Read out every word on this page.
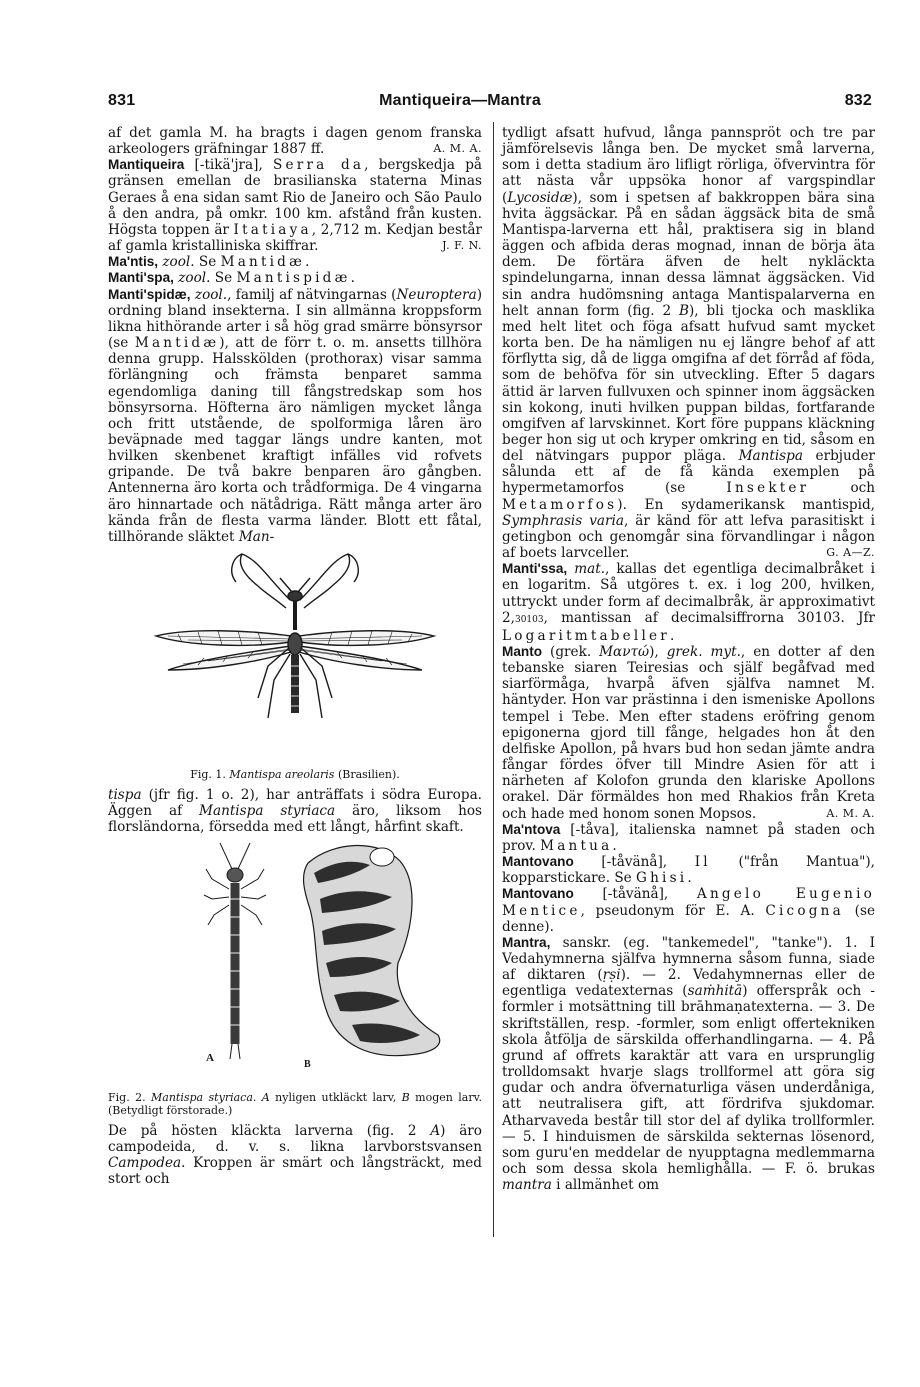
831	Mantiqueira—Mantra	832

af det gamla M. ha bragts i dagen genom franska arkeologers gräfningar 1887 ff.	A. M. A.

Mantiqueira [-tikä'jra], Serra da, bergskedja på gränsen emellan de brasilianska staterna Minas Geraes å ena sidan samt Rio de Janeiro och São Paulo å den andra, på omkr. 100 km. afstånd från kusten. Högsta toppen är Itatiaya, 2,712 m. Kedjan består af gamla kristalliniska skiffrar.	J. F. N.

Ma'ntis, zool. Se Mantidæ.

Manti'spa, zool. Se Mantispidæ.

Manti'spidæ, zool., familj af nätvingarnas (Neuroptera) ordning bland insekterna. I sin allmänna kroppsform likna hithörande arter i så hög grad smärre bönsyrsor (se Mantidæ), att de förr t. o. m. ansetts tillhöra denna grupp. Halsskölden (prothorax) visar samma förlängning och främsta benparet samma egendomliga daning till fångstredskap som hos bönsyrsorna. Höfterna äro nämligen mycket långa och fritt utstående, de spolformiga låren äro beväpnade med taggar längs undre kanten, mot hvilken skenbenet kraftigt infälles vid rofvets gripande. De två bakre benparen äro gångben. Antennerna äro korta och trådformiga. De 4 vingarna äro hinnartade och nätådriga. Rätt många arter äro kända från de flesta varma länder. Blott ett fåtal, tillhörande släktet Man-

Fig. 1. Mantispa areolaris (Brasilien).

tispa (jfr fig. 1 o. 2), har anträffats i södra Europa. Äggen af Mantispa styriaca äro, liksom hos florsländorna, försedda med ett långt, hårfint skaft.

A
B

Fig. 2. Mantispa styriaca. A nyligen utkläckt larv, B mogen larv. (Betydligt förstorade.)

De på hösten kläckta larverna (fig. 2 A) äro campodeida, d. v. s. likna larvborstsvansen Campodea. Kroppen är smärt och långsträckt, med stort och

tydligt afsatt hufvud, långa pannspröt och tre par jämförelsevis långa ben. De mycket små larverna, som i detta stadium äro lifligt rörliga, öfvervintra för att nästa vår uppsöka honor af vargspindlar (Lycosidæ), som i spetsen af bakkroppen bära sina hvita äggsäckar. På en sådan äggsäck bita de små Mantispa-larverna ett hål, praktisera sig in bland äggen och afbida deras mognad, innan de börja äta dem. De förtära äfven de helt nykläckta spindelungarna, innan dessa lämnat äggsäcken. Vid sin andra hudömsning antaga Mantispalarverna en helt annan form (fig. 2 B), bli tjocka och masklika med helt litet och föga afsatt hufvud samt mycket korta ben. De ha nämligen nu ej längre behof af att förflytta sig, då de ligga omgifna af det förråd af föda, som de behöfva för sin utveckling. Efter 5 dagars ättid är larven fullvuxen och spinner inom äggsäcken sin kokong, inuti hvilken puppan bildas, fortfarande omgifven af larvskinnet. Kort före puppans kläckning beger hon sig ut och kryper omkring en tid, såsom en del nätvingars puppor pläga. Mantispa erbjuder sålunda ett af de få kända exemplen på hypermetamorfos (se Insekter och Metamorfos). En sydamerikansk mantispid, Symphrasis varia, är känd för att lefva parasitiskt i getingbon och genomgår sina förvandlingar i någon af boets larvceller.	G. A—Z.

Manti'ssa, mat., kallas det egentliga decimalbråket i en logaritm. Så utgöres t. ex. i log 200, hvilken, uttryckt under form af decimalbråk, är approximativt 2,30103, mantissan af decimalsiffrorna 30103. Jfr Logaritmtabeller.

Manto (grek. Μαντώ), grek. myt., en dotter af den tebanske siaren Teiresias och själf begåfvad med siarförmåga, hvarpå äfven själfva namnet M. häntyder. Hon var prästinna i den ismeniske Apollons tempel i Tebe. Men efter stadens eröfring genom epigonerna gjord till fånge, helgades hon åt den delfiske Apollon, på hvars bud hon sedan jämte andra fångar fördes öfver till Mindre Asien för att i närheten af Kolofon grunda den klariske Apollons orakel. Där förmäldes hon med Rhakios från Kreta och hade med honom sonen Mopsos.	A. M. A.

Ma'ntova [-tåva], italienska namnet på staden och prov. Mantua.

Mantovano [-tåvänå], Il ("från Mantua"), kopparstickare. Se Ghisi.

Mantovano [-tåvänå], Angelo Eugenio Mentice, pseudonym för E. A. Cicogna (se denne).

Mantra, sanskr. (eg. "tankemedel", "tanke"). 1. I Vedahymnerna själfva hymnerna såsom funna, siade af diktaren (ṛṣi). — 2. Vedahymnernas eller de egentliga vedatexternas (saṁhitā) offerspråk och -formler i motsättning till brāhmaṇatexterna. — 3. De skriftställen, resp. -formler, som enligt offertekniken skola åtfölja de särskilda offerhandlingarna. — 4. På grund af offrets karaktär att vara en ursprunglig trolldomsakt hvarje slags trollformel att göra sig gudar och andra öfvernaturliga väsen underdåniga, att neutralisera gift, att fördrifva sjukdomar. Atharvaveda består till stor del af dylika trollformler. — 5. I hinduismen de särskilda sekternas lösenord, som guru'en meddelar de nyupptagna medlemmarna och som dessa skola hemlighålla. — F. ö. brukas mantra i allmänhet om
